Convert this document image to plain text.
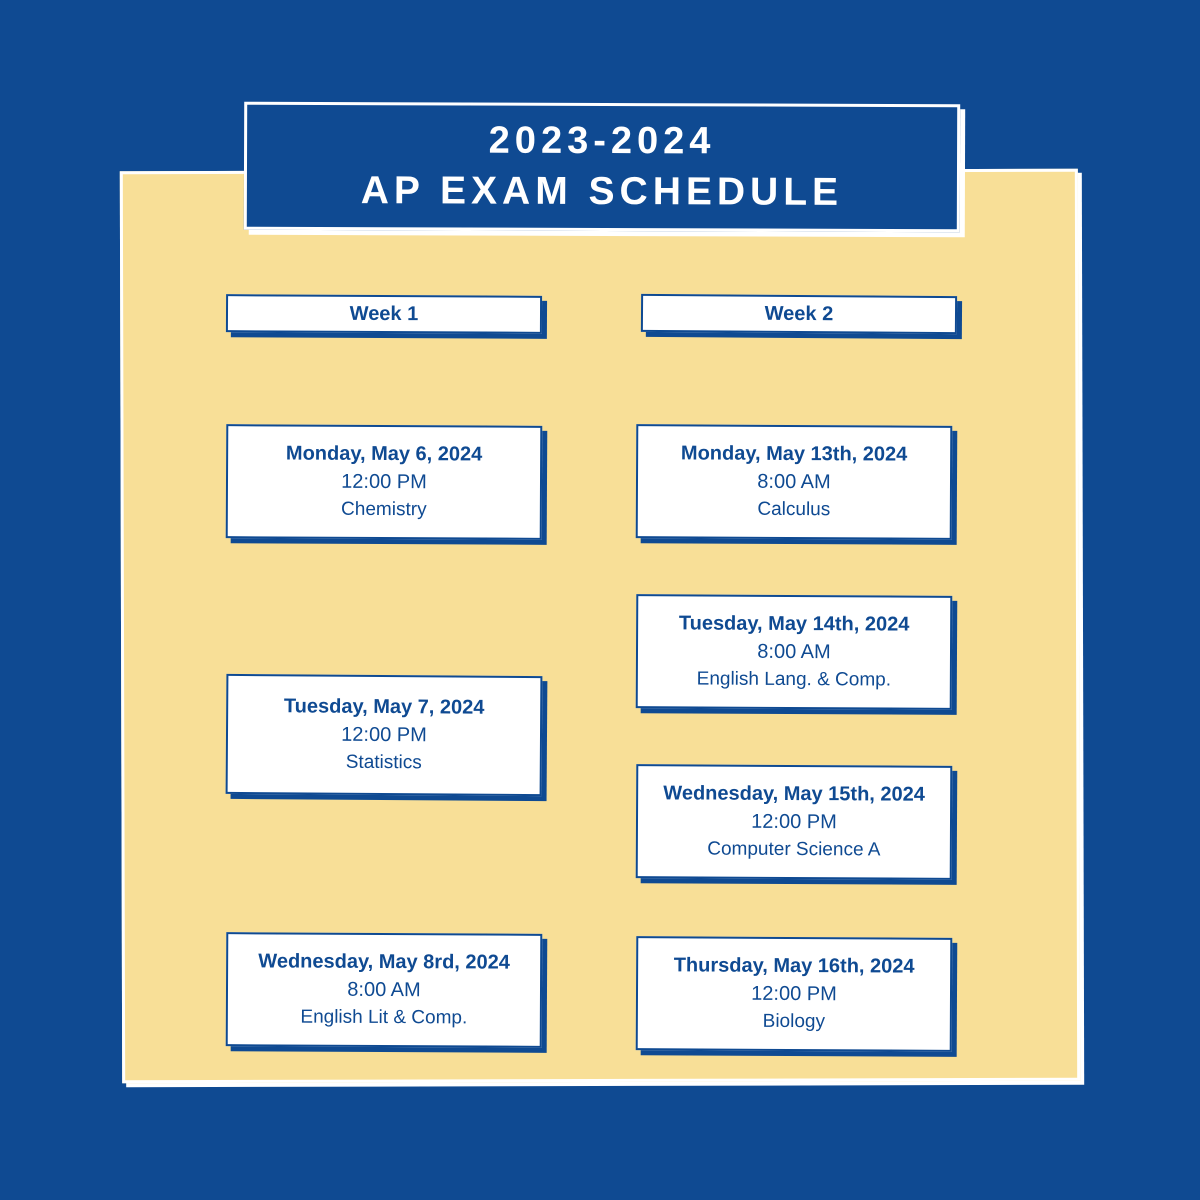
2023-2024
AP EXAM SCHEDULE
Week 1	Week 2
Monday, May 6, 2024
12:00 PM
Chemistry
Tuesday, May 7, 2024
12:00 PM
Statistics
Wednesday, May 8rd, 2024
8:00 AM
English Lit & Comp.
Monday, May 13th, 2024
8:00 AM
Calculus
Tuesday, May 14th, 2024
8:00 AM
English Lang. & Comp.
Wednesday, May 15th, 2024
12:00 PM
Computer Science A
Thursday, May 16th, 2024
12:00 PM
Biology
